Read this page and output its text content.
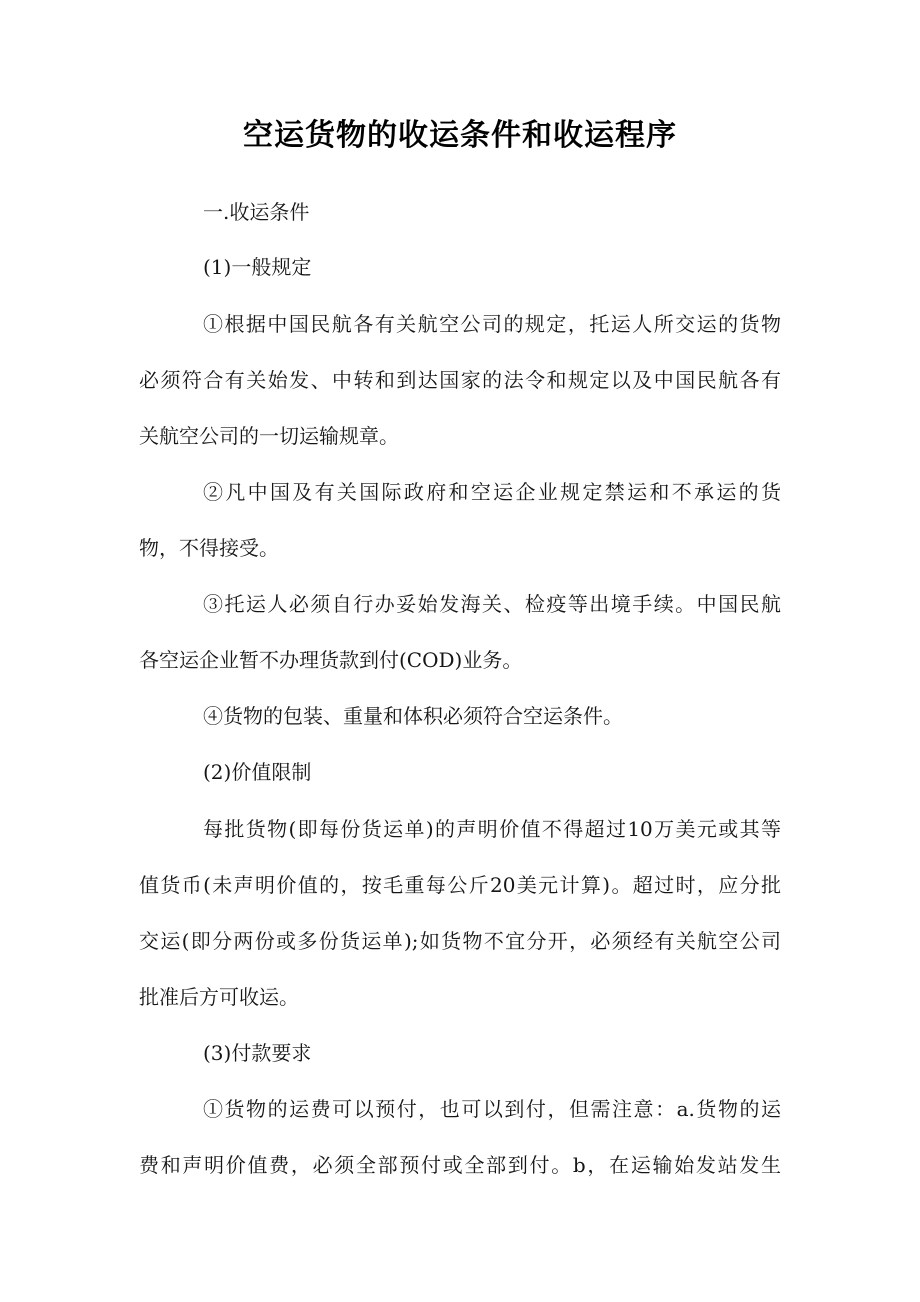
空运货物的收运条件和收运程序
一.收运条件
(1)一般规定
①根据中国民航各有关航空公司的规定，托运人所交运的货物
必须符合有关始发、中转和到达国家的法令和规定以及中国民航各有
关航空公司的一切运输规章。
②凡中国及有关国际政府和空运企业规定禁运和不承运的货
物，不得接受。
③托运人必须自行办妥始发海关、检疫等出境手续。中国民航
各空运企业暂不办理货款到付(COD)业务。
④货物的包装、重量和体积必须符合空运条件。
(2)价值限制
每批货物(即每份货运单)的声明价值不得超过10万美元或其等
值货币(未声明价值的，按毛重每公斤20美元计算)。超过时，应分批
交运(即分两份或多份货运单);如货物不宜分开，必须经有关航空公司
批准后方可收运。
(3)付款要求
①货物的运费可以预付，也可以到付，但需注意：a.货物的运
费和声明价值费，必须全部预付或全部到付。b，在运输始发站发生
